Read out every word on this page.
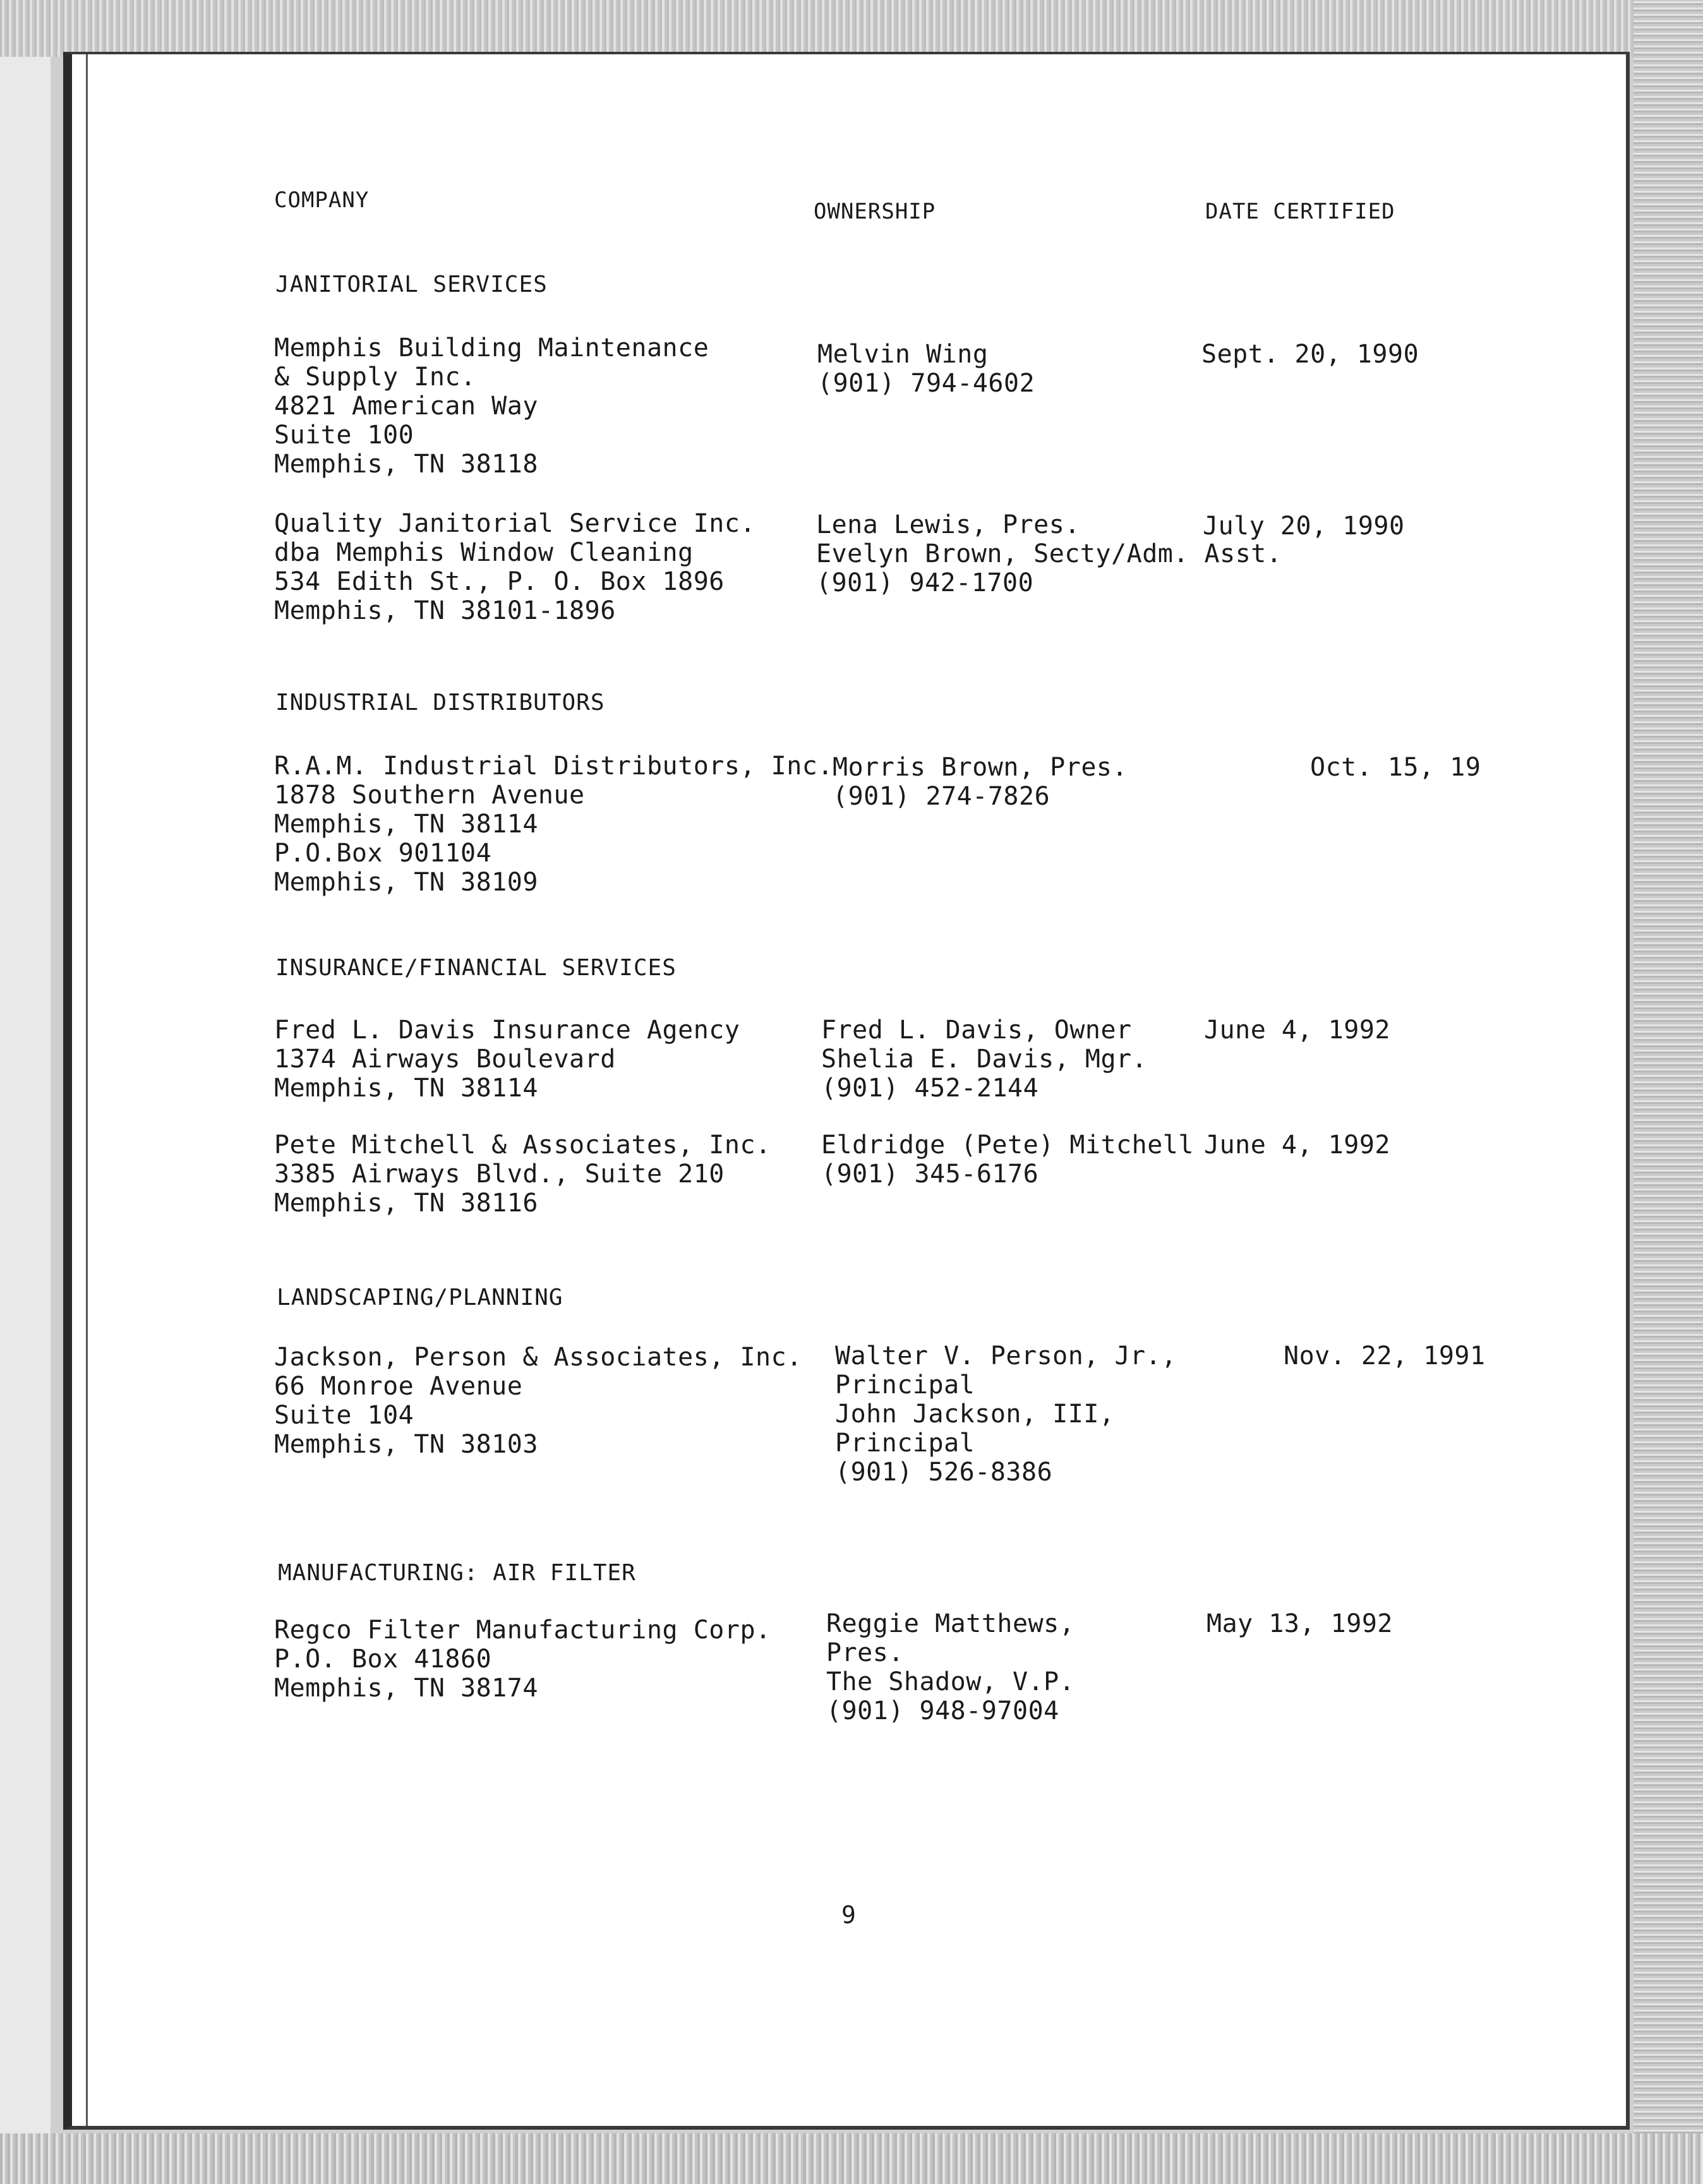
COMPANY	OWNERSHIP	DATE CERTIFIED
JANITORIAL SERVICES
Memphis Building Maintenance
& Supply Inc.
4821 American Way
Suite 100
Memphis, TN 38118
Melvin Wing
(901) 794-4602
Sept. 20, 1990
Quality Janitorial Service Inc.
dba Memphis Window Cleaning
534 Edith St., P. O. Box 1896
Memphis, TN 38101-1896
Lena Lewis, Pres.
Evelyn Brown, Secty/Adm. Asst.
(901) 942-1700
July 20, 1990
INDUSTRIAL DISTRIBUTORS
R.A.M. Industrial Distributors, Inc.
1878 Southern Avenue
Memphis, TN 38114
P.O.Box 901104
Memphis, TN 38109
Morris Brown, Pres.
(901) 274-7826
Oct. 15, 19
INSURANCE/FINANCIAL SERVICES
Fred L. Davis Insurance Agency
1374 Airways Boulevard
Memphis, TN 38114
Fred L. Davis, Owner
Shelia E. Davis, Mgr.
(901) 452-2144
June 4, 1992
Pete Mitchell & Associates, Inc.
3385 Airways Blvd., Suite 210
Memphis, TN 38116
Eldridge (Pete) Mitchell
(901) 345-6176
June 4, 1992
LANDSCAPING/PLANNING
Jackson, Person & Associates, Inc.
66 Monroe Avenue
Suite 104
Memphis, TN 38103
Walter V. Person, Jr.,
Principal
John Jackson, III,
Principal
(901) 526-8386
Nov. 22, 1991
MANUFACTURING: AIR FILTER
Regco Filter Manufacturing Corp.
P.O. Box 41860
Memphis, TN 38174
Reggie Matthews,
Pres.
The Shadow, V.P.
(901) 948-97004
May 13, 1992
9
